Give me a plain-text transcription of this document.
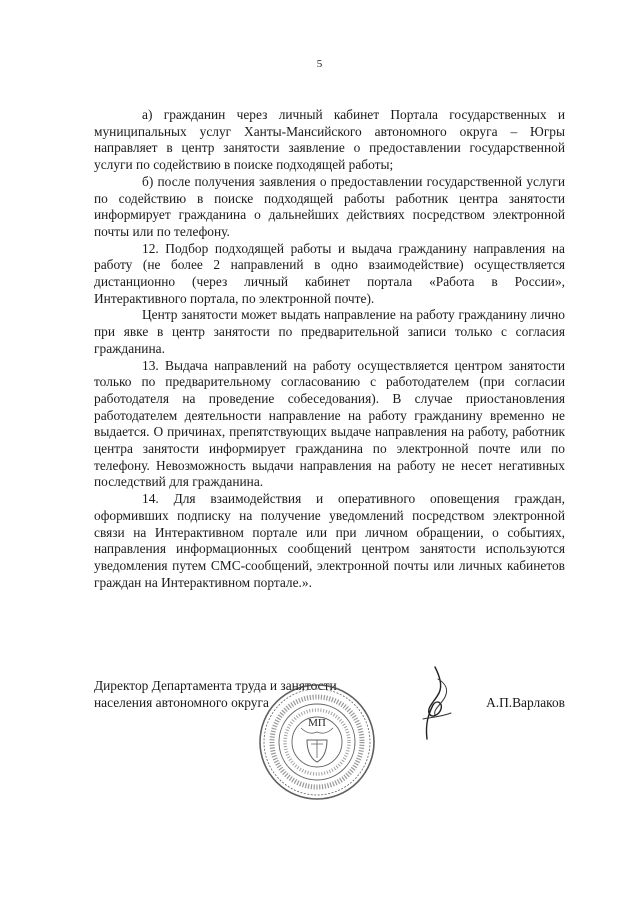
5

а) гражданин через личный кабинет Портала государственных и муниципальных услуг Ханты-Мансийского автономного округа – Югры направляет в центр занятости заявление о предоставлении государственной услуги по содействию в поиске подходящей работы;

б) после получения заявления о предоставлении государственной услуги по содействию в поиске подходящей работы работник центра занятости информирует гражданина о дальнейших действиях посредством электронной почты или по телефону.

12. Подбор подходящей работы и выдача гражданину направления на работу (не более 2 направлений в одно взаимодействие) осуществляется дистанционно (через личный кабинет портала «Работа в России», Интерактивного портала, по электронной почте).

Центр занятости может выдать направление на работу гражданину лично при явке в центр занятости по предварительной записи только с согласия гражданина.

13. Выдача направлений на работу осуществляется центром занятости только по предварительному согласованию с работодателем (при согласии работодателя на проведение собеседования). В случае приостановления работодателем деятельности направление на работу гражданину временно не выдается. О причинах, препятствующих выдаче направления на работу, работник центра занятости информирует гражданина по электронной почте или по телефону. Невозможность выдачи направления на работу не несет негативных последствий для гражданина.

14. Для взаимодействия и оперативного оповещения граждан, оформивших подписку на получение уведомлений посредством электронной связи на Интерактивном портале или при личном обращении, о событиях, направления информационных сообщений центром занятости используются уведомления путем СМС-сообщений, электронной почты или личных кабинетов граждан на Интерактивном портале.».

Директор Департамента труда и занятости
населения автономного округа	А.П.Варлаков
МП
